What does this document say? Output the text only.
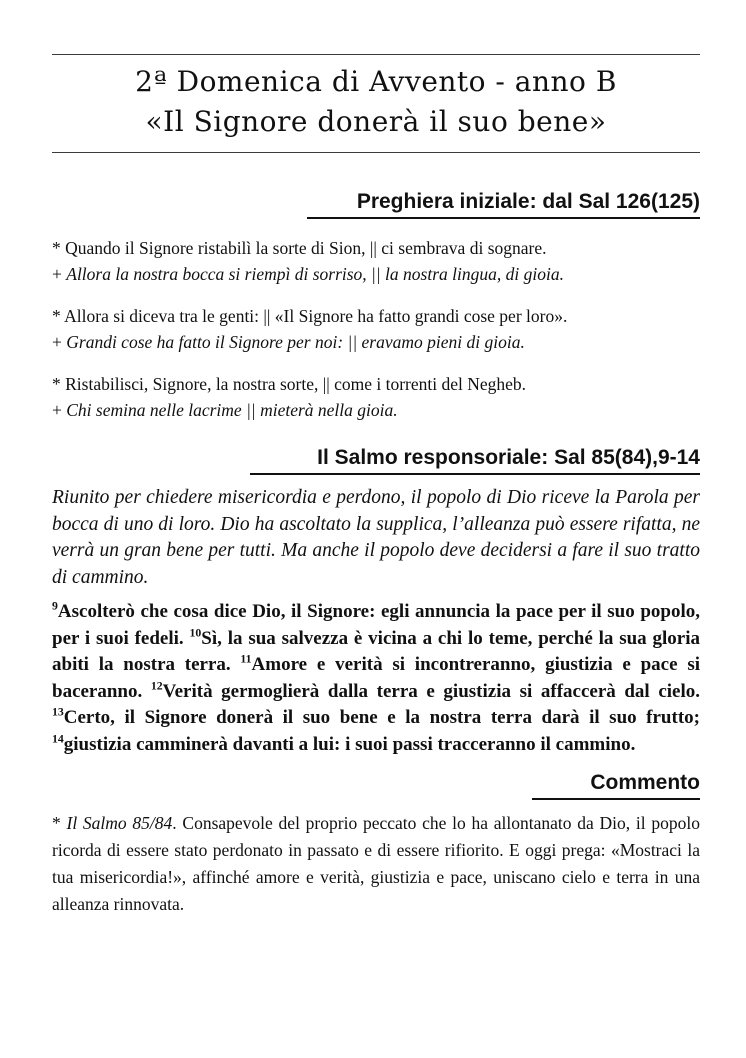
2ª Domenica di Avvento - anno B
«Il Signore donerà il suo bene»
Preghiera iniziale: dal Sal 126(125)

* Quando il Signore ristabilì la sorte di Sion, || ci sembrava di sognare.

+ Allora la nostra bocca si riempì di sorriso, || la nostra lingua, di gioia.

* Allora si diceva tra le genti: || «Il Signore ha fatto grandi cose per loro».

+ Grandi cose ha fatto il Signore per noi: || eravamo pieni di gioia.

* Ristabilisci, Signore, la nostra sorte, || come i torrenti del Negheb.

+ Chi semina nelle lacrime || mieterà nella gioia.

Il Salmo responsoriale: Sal 85(84),9-14

Riunito per chiedere misericordia e perdono, il popolo di Dio riceve la Parola per bocca di uno di loro. Dio ha ascoltato la supplica, l’alleanza può essere rifatta, ne verrà un gran bene per tutti. Ma anche il popolo deve decidersi a fare il suo tratto di cammino.

$^9$Ascolterò che cosa dice Dio, il Signore: egli annuncia la pace per il suo popolo, per i suoi fedeli. $^{10}$Sì, la sua salvezza è vicina a chi lo teme, perché la sua gloria abiti la nostra terra. $^{11}$Amore e verità si incontreranno, giustizia e pace si baceranno. $^{12}$Verità germoglierà dalla terra e giustizia si affaccerà dal cielo. $^{13}$Certo, il Signore donerà il suo bene e la nostra terra darà il suo frutto; $^{14}$giustizia camminerà davanti a lui: i suoi passi tracceranno il cammino.

Commento

* Il Salmo 85/84. Consapevole del proprio peccato che lo ha allontanato da Dio, il popolo ricorda di essere stato perdonato in passato e di essere rifiorito. E oggi prega: «Mostraci la tua misericordia!», affinché amore e verità, giustizia e pace, uniscano cielo e terra in una alleanza rinnovata.
